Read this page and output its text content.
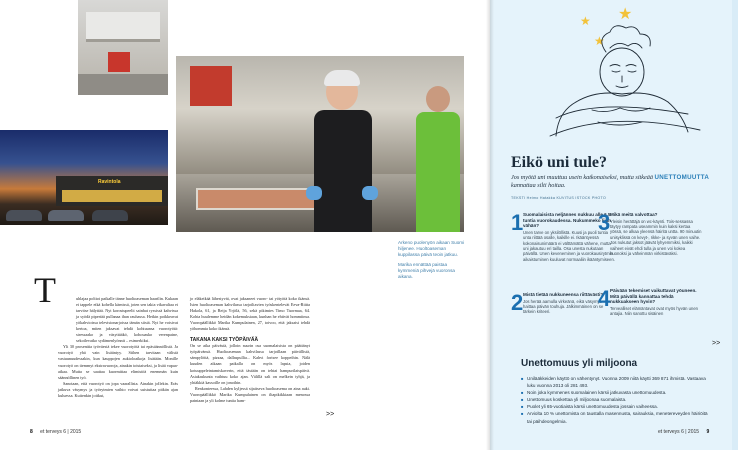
Ravintola

Arkeno puolenyön aikaan Suomi hiljenee. Huoltoaseman kuppilassa päivä teoin jatkuu.

Marika ennättää paistaa kymmeniä pihvejä vuoronsa aikana.

T	uhlajaa polttoi paikalle tänne huoltoaseman haarilin. Kukaan ei tappele eikä kohella kärnissä, joten sen takia vikavaltaa ei tarvitse hälyttää. Nyt korostupeelit sainhat ryssissä kahvissa ja syödä pipertää pullanaa ihan rauhassa. Hetkin poikkeavat yökahvioissa televisionarjoissa tämän siistä. Nyt he voisivat kertoa, miten jaksavat tehdä kohtuunsa vuorotyötä: stressaako ja väsyttääkö, kohouasko verenpaine, sekoilevatko sydämenlyönnit – esimerkiksi.

Yli 30 prosenttia työväestä tekee vuorotyötä tai epäsäännöllistä. Ja vuorotyö yhä vain lisääntyy. Siihen tarvitaan välistä vastuunuudessakin, kun kauppojen aukioloaikoja lisätään. Monille vuorotyö on tiemmyt ekstravuoroja, ainakin toistaiseksi, ja lisää vapaa-aikaa. Mutta se saattaa kuormittaa elimistöä enemmän kuin säännöllinen työ.

Sanotaan, että vuorotyö on jopa vaarallista. Ainakin jollekin. Eräs jatkuva väsymys ja työrytmien vaihto voivat suistuttaa pitkän ajan kuluessa. Kuitenkin joitkut,

jo eläkeikää lähestyvät, ovat jaksaneet vuoro- tai yötyötä koko ikänsä. Isien huoltoaseman kahvilassa tarjoiltavien työskentelevät Eeva-Riitta Hakola, 61, ja Reija Yrjölä, 56, sekä pikimies Timo Tuormaa, 64. Kohta huulemme heidän kokemuksiaan, kunhan he ehtivät hommiinsa. Vuoropäällikkö Marika Kumpulainen, 27, toivoo, että jaksaisi tehdä yöhommia koko ikänsä.

TAKANA KAKSI TYÖPÄIVÄÄ

On se aika päivästä, jolloin suurin osa suomalaisista on päättänyt työpäivänsä. Huoltoaseman kahvilassa tarjoillaan päivällistä, sämpylöitä, pizzaa, dallaspullia... Kahvi forisee koppeihin. Nälä kuuden aikaan paikalla on myös lapsia, joiden kotuuppeleintamiskaverin, että tästään on tehtai hampurilaispäivä. Asiakaskunta vaihtuu koko ajan. Välillä sali on melkein tyhjä, ja yhtäkkiä kassoille on jonoihin.

Renkonteessa, Lahden kyljessä sijaitseva huoltoasema on aina auki. Vuoropäällikkö Marika Kumpulainen on iltaptkikkiaan menossa painiaan ja yli kolme tuntia ham-

>>
8 et terveys 6 | 2015
★ ★
★
Eikö uni tule?
Jos myötä uni muuttuu usein katkonaiseksi, mutta sitkeää UNETTOMUUTTA kannattaa silti hoitaa.
TEKSTI Heimo Hatakka KUVITUS ISTOCK PHOTO
1 Suomalaisista neljännes nukkuu alle 6,5 tuntia vuorokaudessa. Nukummeko liian vähän?
Unen tarve on yksilöllistä. Kuusi ja puoli tuntia unta riittää osalle, kaikille ei. Ikääntyessä kokonaisunimäärä ei välttämättä vähene, mutta uni jakautuu eri tailla. Osa unesta nukutaan päivällä. Unen keveneminen ja vuorokausirytmin aikaistuminen kuuluvat normaaliin ikääntymiseen.
2 Mistä tietää nukkuneensa riittävästi?
Jos herää aamulla virkeänä, eikä väsymys haittaa päivän touhuja. Jälkimmäinen on se tärkein kriteeri.
3 Mikä meitä valvottaa?
Yleisin herättäjä on wc-käynti. Tois-sessassa täytyy rampata useammin kuin kaksi kertaa yössä, se alkaa yleensä häiritä untta. 90 minuutin unisyklissä on kevyt-, rikke- ja syvän unen vaihe. Jos nukutut jaksot jäävät lyhyemmiksi, kaikki vaiheet eivät ehdi tulla ja unen voi kokea huonoksi ja väheinmän virkistäväksi.
4 Päivään tekemiset vaikuttavat yöuneen. Mitä päivällä kannattaa tehdä nukkuakseen hyvin?
Tervealliset elämäntavat ovat myös hyvän unen antajia. Niin sanottu sisäinen
>>
Unettomuus yli miljoona
■ Unilääkkeiden käyttö on vähentynyt. Vuonna 2009 niitä käytti 369 871 ihmistä. Vastaava luku vuonna 2013 oli 281 493.
■ Noin joka kymmenes suomalainen kärsii jatkuvasta unettomuudesta.
■ Unettomuus koskettaa yli miljoonaa suomalaista.
■ Puolet yli 65-vuotiaista kärsii unettomuudesta jossain vaiheessa.
■ Arviolta 10 % unettomista on taustalla masennusta, sairauksia, menetereveyden häiriöitä tai päihdeongelmia.
et terveys 6 | 2015 9
